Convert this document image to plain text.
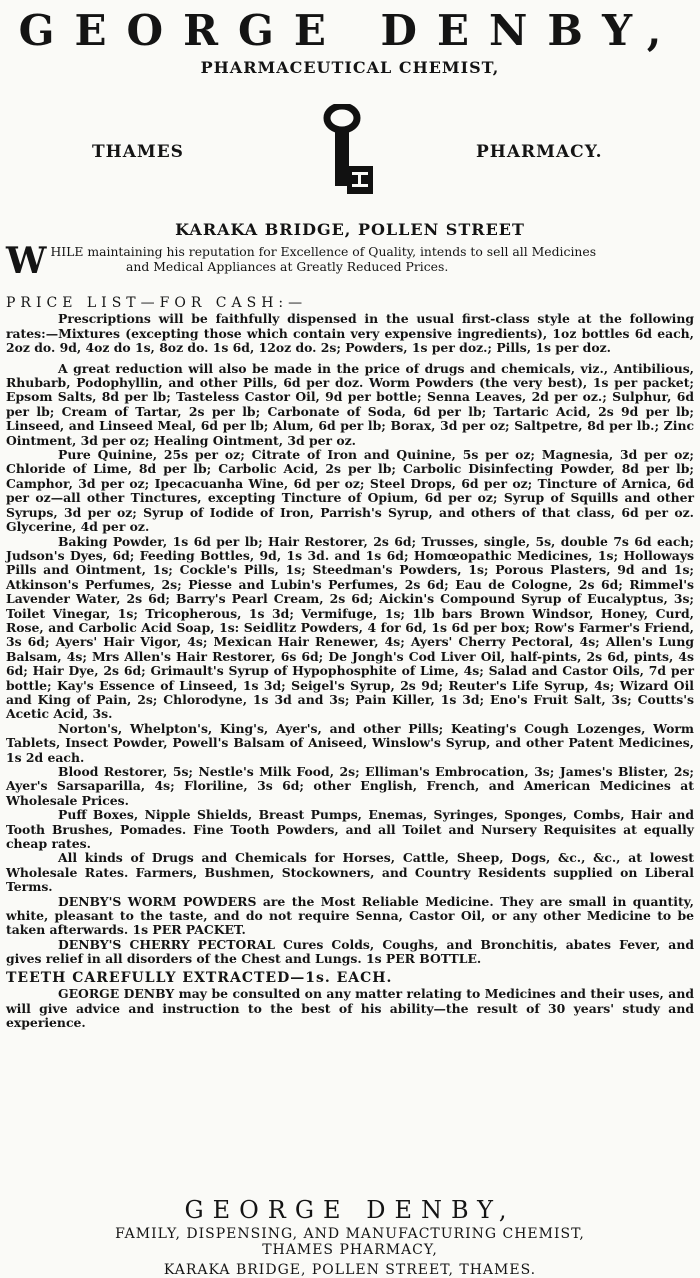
GEORGE DENBY,
PHARMACEUTICAL CHEMIST,
THAMES	PHARMACY.
KARAKA BRIDGE, POLLEN STREET
W HILE maintaining his reputation for Excellence of Quality, intends to sell all Medicines
and Medical Appliances at Greatly Reduced Prices.

PRICE LIST—FOR CASH:—

Prescriptions will be faithfully dispensed in the usual first-class style at the following rates:—Mixtures (excepting those which contain very expensive ingredients), 1oz bottles 6d each, 2oz do. 9d, 4oz do 1s, 8oz do. 1s 6d, 12oz do. 2s; Powders, 1s per doz.; Pills, 1s per doz.

A great reduction will also be made in the price of drugs and chemicals, viz., Antibilious, Rhubarb, Podophyllin, and other Pills, 6d per doz. Worm Powders (the very best), 1s per packet; Epsom Salts, 8d per lb; Tasteless Castor Oil, 9d per bottle; Senna Leaves, 2d per oz.; Sulphur, 6d per lb; Cream of Tartar, 2s per lb; Carbonate of Soda, 6d per lb; Tartaric Acid, 2s 9d per lb; Linseed, and Linseed Meal, 6d per lb; Alum, 6d per lb; Borax, 3d per oz; Saltpetre, 8d per lb.; Zinc Ointment, 3d per oz; Healing Ointment, 3d per oz.

Pure Quinine, 25s per oz; Citrate of Iron and Quinine, 5s per oz; Magnesia, 3d per oz; Chloride of Lime, 8d per lb; Carbolic Acid, 2s per lb; Carbolic Disinfecting Powder, 8d per lb; Camphor, 3d per oz; Ipecacuanha Wine, 6d per oz; Steel Drops, 6d per oz; Tincture of Arnica, 6d per oz—all other Tinctures, excepting Tincture of Opium, 6d per oz; Syrup of Squills and other Syrups, 3d per oz; Syrup of Iodide of Iron, Parrish's Syrup, and others of that class, 6d per oz. Glycerine, 4d per oz.

Baking Powder, 1s 6d per lb; Hair Restorer, 2s 6d; Trusses, single, 5s, double 7s 6d each; Judson's Dyes, 6d; Feeding Bottles, 9d, 1s 3d. and 1s 6d; Homœopathic Medicines, 1s; Holloways Pills and Ointment, 1s; Cockle's Pills, 1s; Steedman's Powders, 1s; Porous Plasters, 9d and 1s; Atkinson's Perfumes, 2s; Piesse and Lubin's Perfumes, 2s 6d; Eau de Cologne, 2s 6d; Rimmel's Lavender Water, 2s 6d; Barry's Pearl Cream, 2s 6d; Aickin's Compound Syrup of Eucalyptus, 3s; Toilet Vinegar, 1s; Tricopherous, 1s 3d; Vermifuge, 1s; 1lb bars Brown Windsor, Honey, Curd, Rose, and Carbolic Acid Soap, 1s: Seidlitz Powders, 4 for 6d, 1s 6d per box; Row's Farmer's Friend, 3s 6d; Ayers' Hair Vigor, 4s; Mexican Hair Renewer, 4s; Ayers' Cherry Pectoral, 4s; Allen's Lung Balsam, 4s; Mrs Allen's Hair Restorer, 6s 6d; De Jongh's Cod Liver Oil, half-pints, 2s 6d, pints, 4s 6d; Hair Dye, 2s 6d; Grimault's Syrup of Hypophosphite of Lime, 4s; Salad and Castor Oils, 7d per bottle; Kay's Essence of Linseed, 1s 3d; Seigel's Syrup, 2s 9d; Reuter's Life Syrup, 4s; Wizard Oil and King of Pain, 2s; Chlorodyne, 1s 3d and 3s; Pain Killer, 1s 3d; Eno's Fruit Salt, 3s; Coutts's Acetic Acid, 3s.

Norton's, Whelpton's, King's, Ayer's, and other Pills; Keating's Cough Lozenges, Worm Tablets, Insect Powder, Powell's Balsam of Aniseed, Winslow's Syrup, and other Patent Medicines, 1s 2d each.

Blood Restorer, 5s; Nestle's Milk Food, 2s; Elliman's Embrocation, 3s; James's Blister, 2s; Ayer's Sarsaparilla, 4s; Floriline, 3s 6d; other English, French, and American Medicines at Wholesale Prices.

Puff Boxes, Nipple Shields, Breast Pumps, Enemas, Syringes, Sponges, Combs, Hair and Tooth Brushes, Pomades. Fine Tooth Powders, and all Toilet and Nursery Requisites at equally cheap rates.

All kinds of Drugs and Chemicals for Horses, Cattle, Sheep, Dogs, &c., &c., at lowest Wholesale Rates. Farmers, Bushmen, Stockowners, and Country Residents supplied on Liberal Terms.

DENBY'S WORM POWDERS are the Most Reliable Medicine. They are small in quantity, white, pleasant to the taste, and do not require Senna, Castor Oil, or any other Medicine to be taken afterwards. 1s PER PACKET.

DENBY'S CHERRY PECTORAL Cures Colds, Coughs, and Bronchitis, abates Fever, and gives relief in all disorders of the Chest and Lungs. 1s PER BOTTLE.

TEETH CAREFULLY EXTRACTED—1s. EACH.

GEORGE DENBY may be consulted on any matter relating to Medicines and their uses, and will give advice and instruction to the best of his ability—the result of 30 years' study and experience.

GEORGE DENBY,
FAMILY, DISPENSING, AND MANUFACTURING CHEMIST,
THAMES PHARMACY,
KARAKA BRIDGE, POLLEN STREET, THAMES.
